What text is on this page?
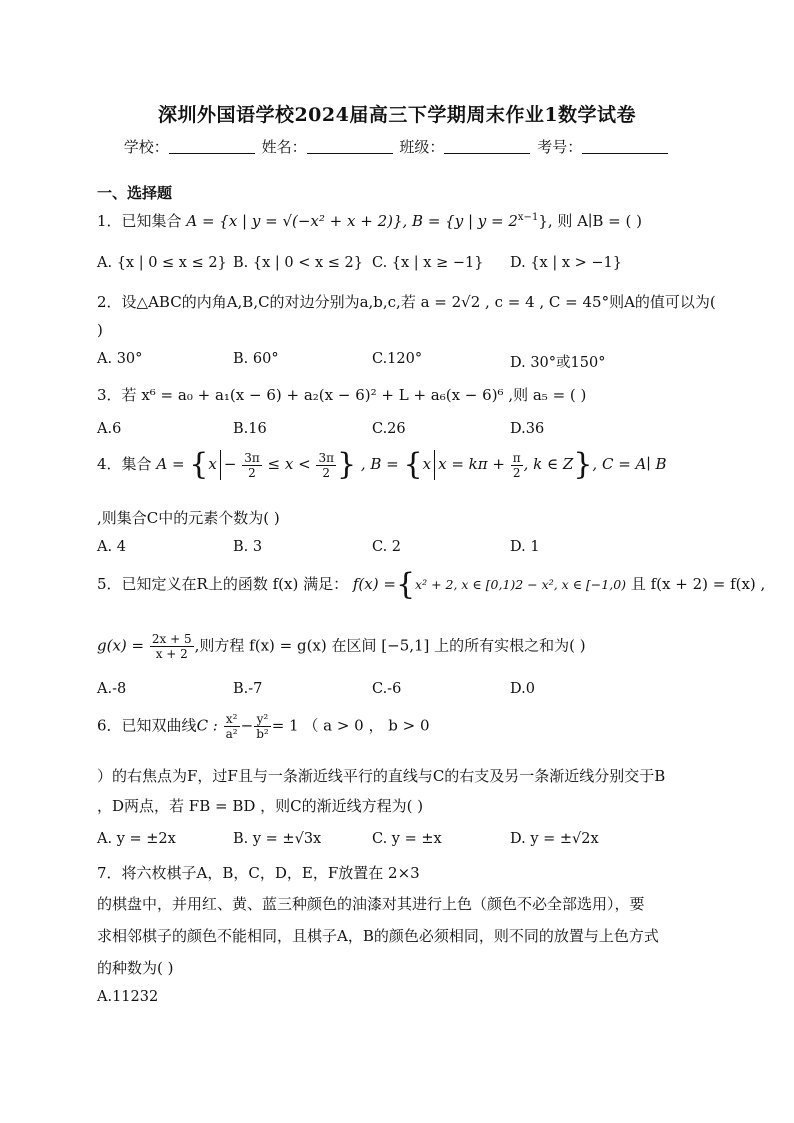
深圳外国语学校2024届高三下学期周末作业1数学试卷
学校：	姓名：	班级：	考号：
一、选择题
1．已知集合 A = {x | y = √(−x² + x + 2)}, B = {y | $y = 2^{x-1}$}, 则 A∣B = ( )
A. {x | 0 ≤ x ≤ 2} B. {x | 0 < x ≤ 2} C. {x | x ≥ −1} D. {x | x > −1}
2．设△ABC的内角A,B,C的对边分别为a,b,c,若 a = 2√2 , c = 4 , C = 45°则A的值可以为(
)
A. 30°	B. 60°	C.120°	D. 30°或150°
3．若 x⁶ = a₀ + a₁(x − 6) + a₂(x − 6)² + L + a₆(x − 6)⁶ ,则 a₅ = ( )
A.6	B.16	C.26	D.36
4．集合 $A = \{x - \frac{3\pi}{2} \le x < \frac{3\pi}{2}$ } , B = {x $x = k\pi + \frac{\pi}{2}$ , k ∈ Z}, C = A∣ B
,则集合C中的元素个数为( )
A. 4	B. 3	C. 2	D. 1
5．已知定义在R上的函数 f(x) 满足： f(x) ={x² + 2, x ∈ [0,1)2 − x², x ∈ [−1,0) 且 f(x + 2) = f(x) ,
$g(x) = \frac{2x + 5}{x + 2}$ ,则方程 f(x) = g(x) 在区间 [−5,1] 上的所有实根之和为( )
A.-8	B.-7	C.-6	D.0
6．已知双曲线C : $\frac{\text{x²}}{\text{a²}} - \frac{\text{y²}}{\text{b²}} = 1$ （ a > 0 ， b > 0
）的右焦点为F，过F且与一条渐近线平行的直线与C的右支及另一条渐近线分别交于B
，D两点，若 FB = BD ，则C的渐近线方程为( )
A. y = ±2x	B. y = ±√3x	C. y = ±x	D. y = ±√2x
7．将六枚棋子A，B，C，D，E，F放置在 2×3
的棋盘中，并用红、黄、蓝三种颜色的油漆对其进行上色（颜色不必全部选用），要
求相邻棋子的颜色不能相同，且棋子A，B的颜色必须相同，则不同的放置与上色方式
的种数为( )
A.11232
